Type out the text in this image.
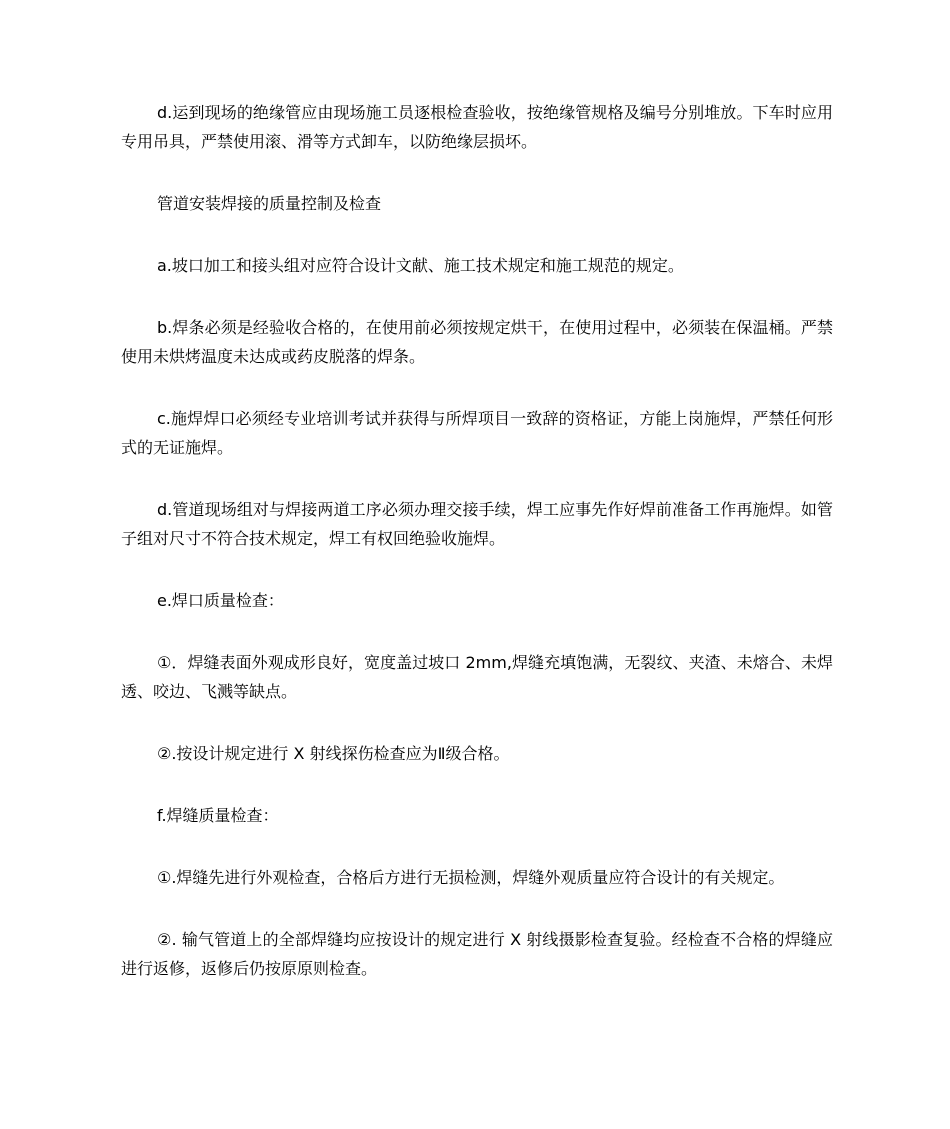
d.运到现场的绝缘管应由现场施工员逐根检查验收，按绝缘管规格及编号分别堆放。下车时应用专用吊具，严禁使用滚、滑等方式卸车，以防绝缘层损坏。

管道安装焊接的质量控制及检查

a.坡口加工和接头组对应符合设计文献、施工技术规定和施工规范的规定。

b.焊条必须是经验收合格的，在使用前必须按规定烘干，在使用过程中，必须装在保温桶。严禁使用未烘烤温度未达成或药皮脱落的焊条。

c.施焊焊口必须经专业培训考试并获得与所焊项目一致辞的资格证，方能上岗施焊，严禁任何形式的无证施焊。

d.管道现场组对与焊接两道工序必须办理交接手续，焊工应事先作好焊前准备工作再施焊。如管子组对尺寸不符合技术规定，焊工有权回绝验收施焊。

e.焊口质量检查：

①．焊缝表面外观成形良好，宽度盖过坡口 2mm,焊缝充填饱满，无裂纹、夹渣、未熔合、未焊透、咬边、飞溅等缺点。

②.按设计规定进行 X 射线探伤检查应为Ⅱ级合格。

f.焊缝质量检查：

①.焊缝先进行外观检查，合格后方进行无损检测，焊缝外观质量应符合设计的有关规定。

②. 输气管道上的全部焊缝均应按设计的规定进行 X 射线摄影检查复验。经检查不合格的焊缝应进行返修，返修后仍按原原则检查。
